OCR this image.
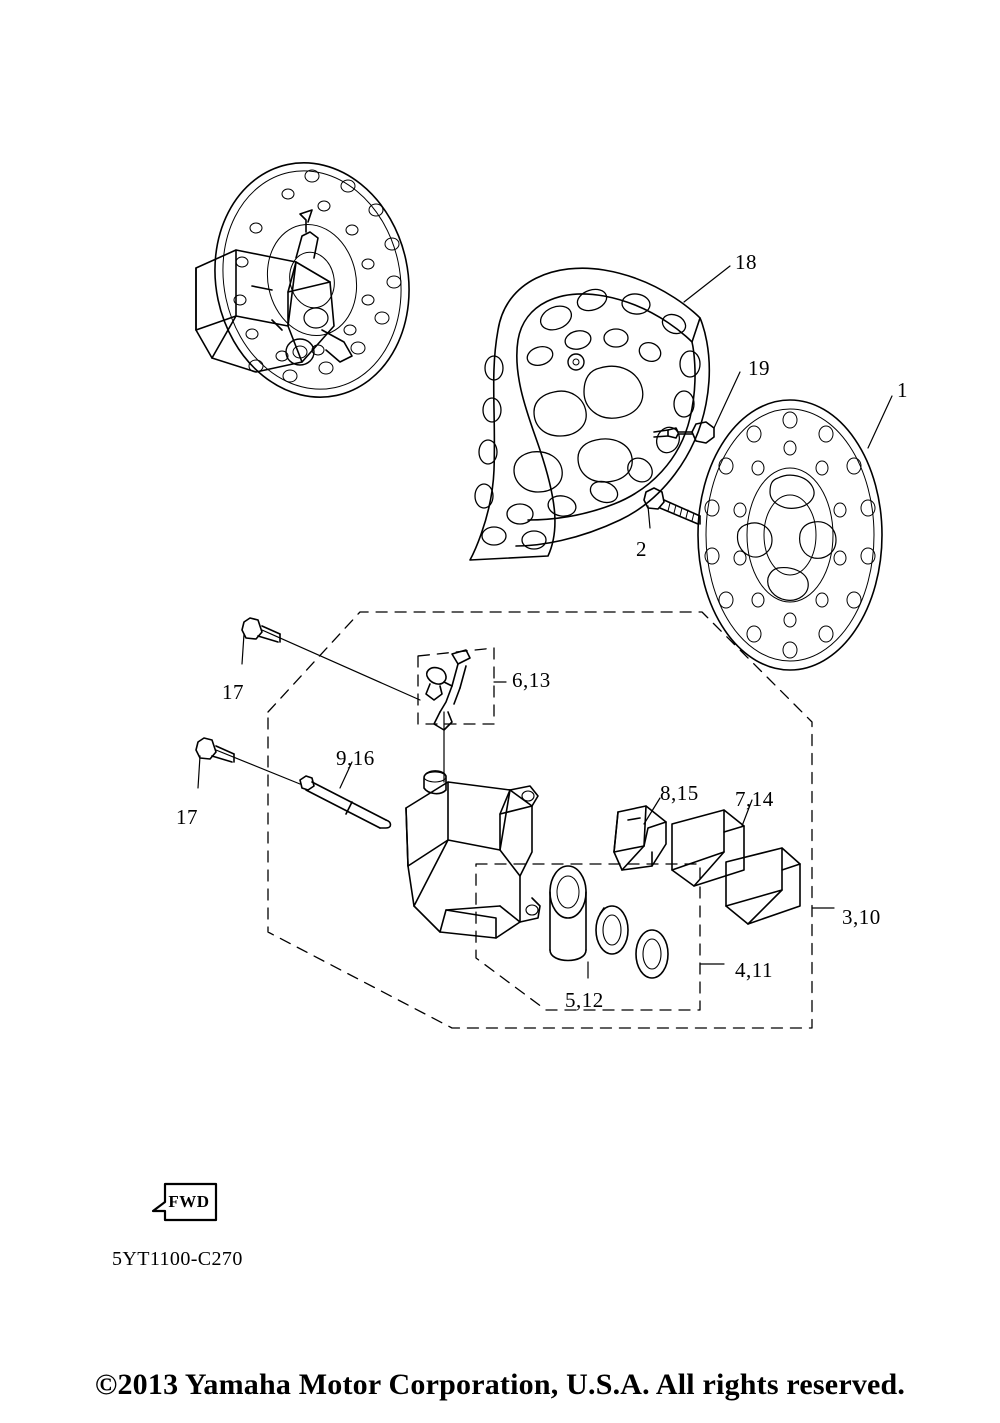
18
19
1
2
17	6,13
9,16
8,15 7,14
17
3,10
4,11
5,12
FWD
5YT1100-C270
©2013 Yamaha Motor Corporation, U.S.A. All rights reserved.
